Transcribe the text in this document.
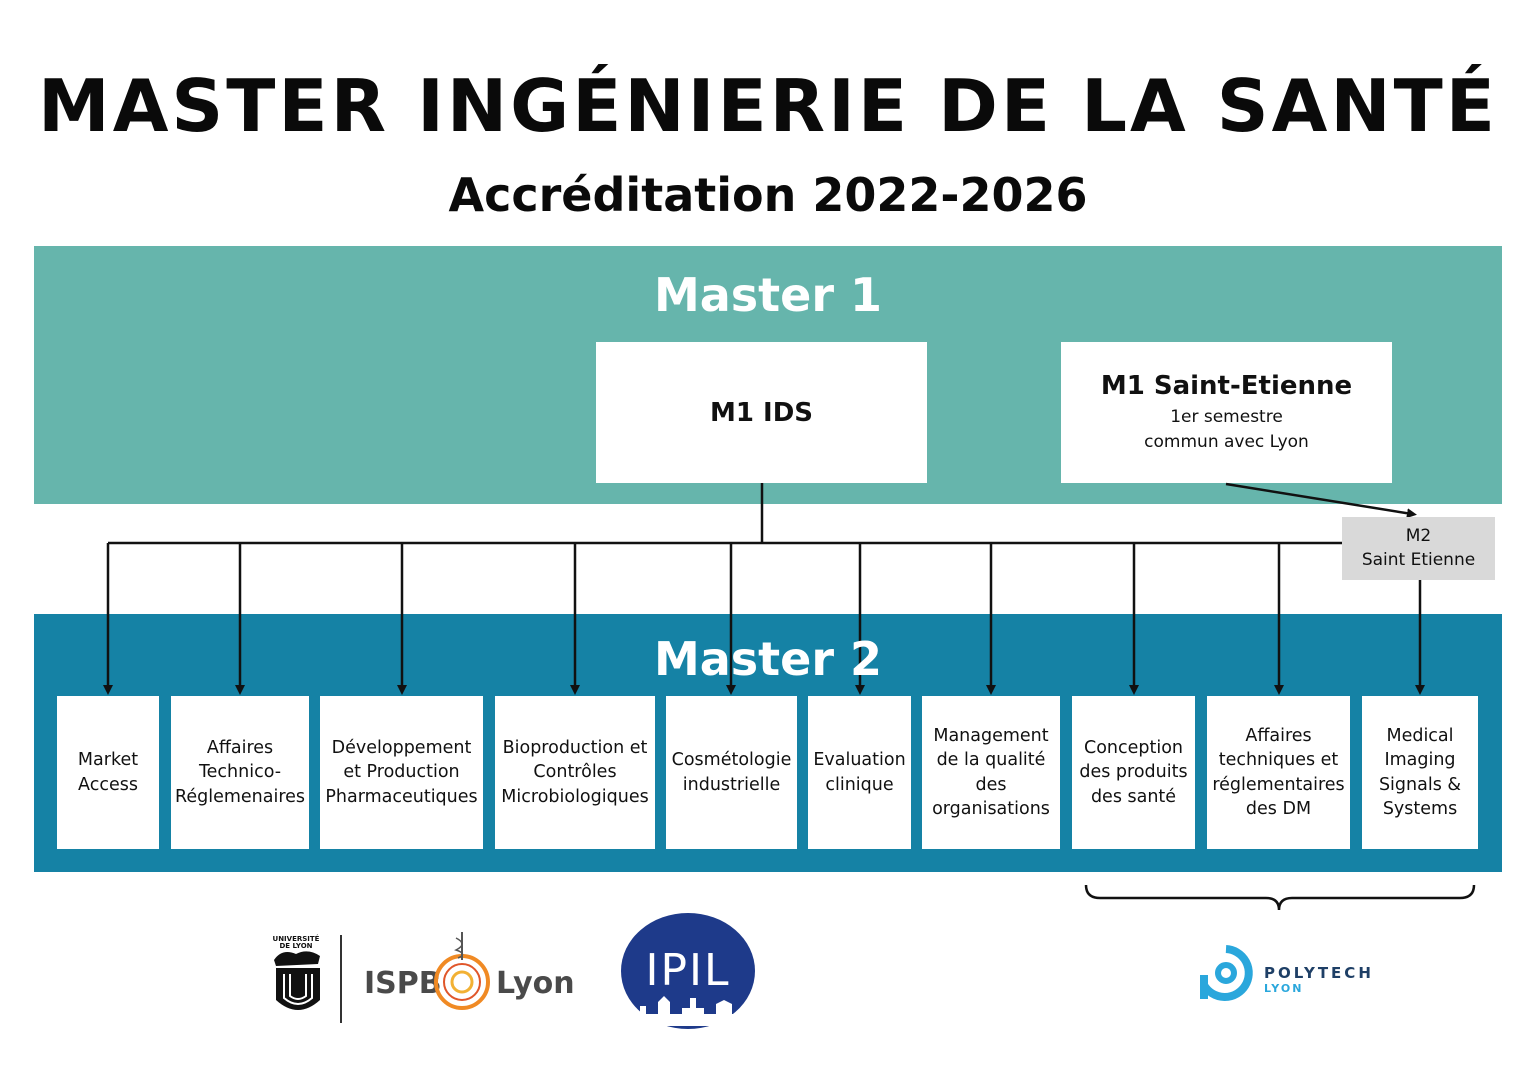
MASTER INGÉNIERIE DE LA SANTÉ
Accréditation 2022-2026
Master 1
M1 IDS
M1 Saint-Etienne
1er semestre
commun avec Lyon
M2
Saint Etienne
Master 2
Market
Access
Affaires
Technico-
Réglemenaires
Développement
et Production
Pharmaceutiques
Bioproduction et
Contrôles
Microbiologiques
Cosmétologie
industrielle
Evaluation
clinique
Management
de la qualité
des
organisations
Conception
des produits
des santé
Affaires
techniques et
réglementaires
des DM
Medical
Imaging
Signals &
Systems
UNIVERSITÉ DE LYON
ISPB Lyon	IPIL	POLYTECH
LYON
